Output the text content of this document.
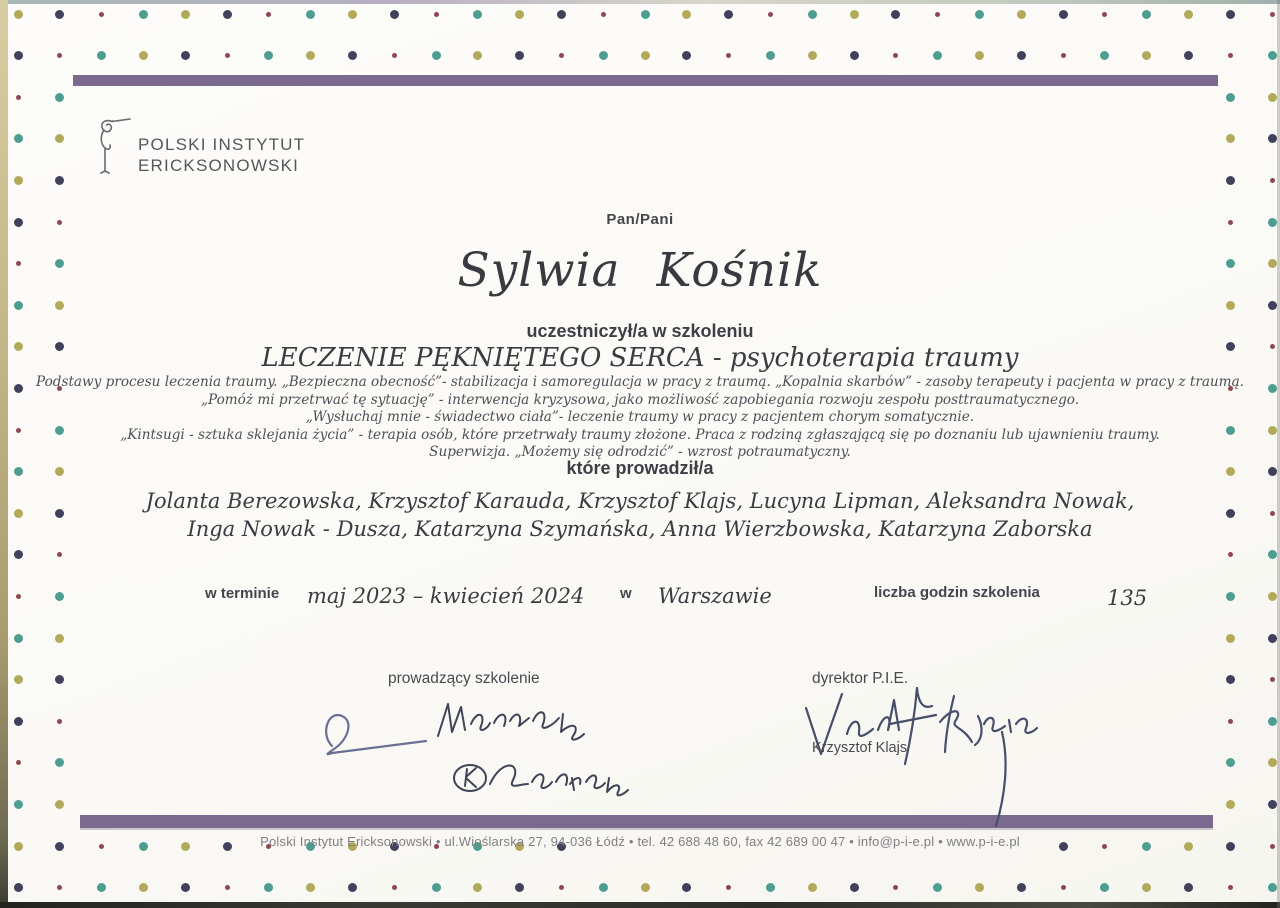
POLSKI INSTYTUT
ERICKSONOWSKI
Pan/Pani
Sylwia Kośnik
uczestniczył/a w szkoleniu
LECZENIE PĘKNIĘTEGO SERCA - psychoterapia traumy
Podstawy procesu leczenia traumy. „Bezpieczna obecność”- stabilizacja i samoregulacja w pracy z traumą. „Kopalnia skarbów” - zasoby terapeuty i pacjenta w pracy z traumą.
„Pomóż mi przetrwać tę sytuację” - interwencja kryzysowa, jako możliwość zapobiegania rozwoju zespołu posttraumatycznego.
„Wysłuchaj mnie - świadectwo ciała”- leczenie traumy w pracy z pacjentem chorym somatycznie.
„Kintsugi - sztuka sklejania życia” - terapia osób, które przetrwały traumy złożone. Praca z rodziną zgłaszającą się po doznaniu lub ujawnieniu traumy.
Superwizja. „Możemy się odrodzić” - wzrost potraumatyczny.
które prowadził/a
Jolanta Berezowska, Krzysztof Karauda, Krzysztof Klajs, Lucyna Lipman, Aleksandra Nowak,
Inga Nowak - Dusza, Katarzyna Szymańska, Anna Wierzbowska, Katarzyna Zaborska
w terminie maj 2023 – kwiecień 2024 w Warszawie	liczba godzin szkolenia	135
prowadzący szkolenie	dyrektor P.I.E.
Krzysztof Klajs
Polski Instytut Ericksonowski • ul.Wioślarska 27, 94-036 Łódź • tel. 42 688 48 60, fax 42 689 00 47 • info@p-i-e.pl • www.p-i-e.pl
